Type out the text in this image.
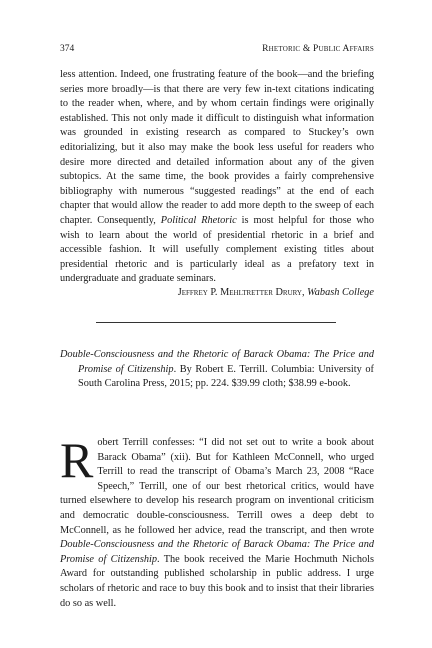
374	Rhetoric & Public Affairs

less attention. Indeed, one frustrating feature of the book—and the briefing series more broadly—is that there are very few in-text citations indicating to the reader when, where, and by whom certain findings were originally established. This not only made it difficult to distinguish what information was grounded in existing research as compared to Stuckey’s own editorializing, but it also may make the book less useful for readers who desire more directed and detailed information about any of the given subtopics. At the same time, the book provides a fairly comprehensive bibliography with numerous “suggested readings” at the end of each chapter that would allow the reader to add more depth to the sweep of each chapter. Consequently, Political Rhetoric is most helpful for those who wish to learn about the world of presidential rhetoric in a brief and accessible fashion. It will usefully complement existing titles about presidential rhetoric and is particularly ideal as a prefatory text in undergraduate and graduate seminars.

Jeffrey P. Mehltretter Drury, Wabash College

Double-Consciousness and the Rhetoric of Barack Obama: The Price and Promise of Citizenship. By Robert E. Terrill. Columbia: University of South Carolina Press, 2015; pp. 224. $39.99 cloth; $38.99 e-book.

Robert Terrill confesses: “I did not set out to write a book about Barack Obama” (xii). But for Kathleen McConnell, who urged Terrill to read the transcript of Obama’s March 23, 2008 “Race Speech,” Terrill, one of our best rhetorical critics, would have turned elsewhere to develop his research program on inventional criticism and democratic double-consciousness. Terrill owes a deep debt to McConnell, as he followed her advice, read the transcript, and then wrote Double-Consciousness and the Rhetoric of Barack Obama: The Price and Promise of Citizenship. The book received the Marie Hochmuth Nichols Award for outstanding published scholarship in public address. I urge scholars of rhetoric and race to buy this book and to insist that their libraries do so as well.
